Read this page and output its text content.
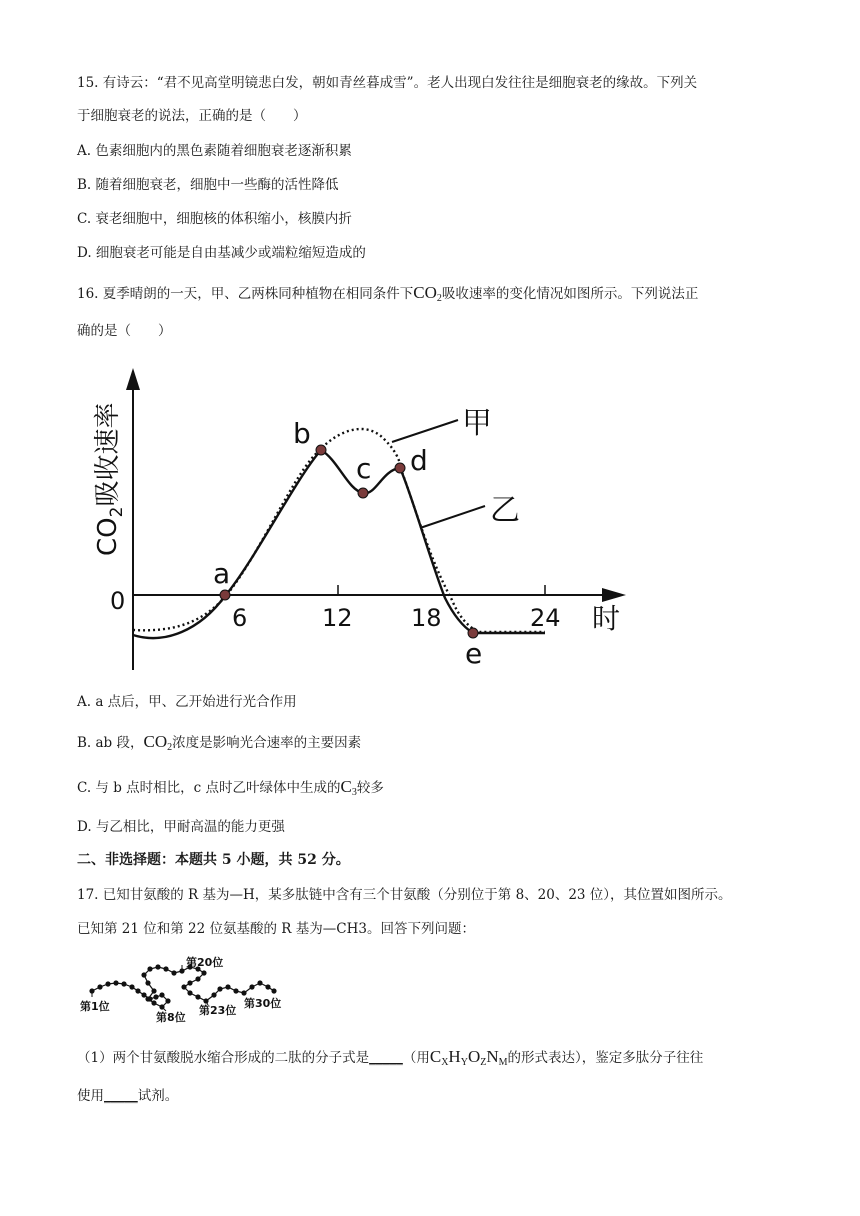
15. 有诗云：“君不见高堂明镜悲白发，朝如青丝暮成雪”。老人出现白发往往是细胞衰老的缘故。下列关
于细胞衰老的说法，正确的是（　　）
A. 色素细胞内的黑色素随着细胞衰老逐渐积累
B. 随着细胞衰老，细胞中一些酶的活性降低
C. 衰老细胞中，细胞核的体积缩小，核膜内折
D. 细胞衰老可能是自由基减少或端粒缩短造成的
16. 夏季晴朗的一天，甲、乙两株同种植物在相同条件下$CO_2$吸收速率的变化情况如图所示。下列说法正
确的是（　　）
$CO_2$吸收速率
0
6	12 18	24 时
a
b
c d
e
甲
乙
A. a 点后，甲、乙开始进行光合作用
B. ab 段，$CO_2$浓度是影响光合速率的主要因素
C. 与 b 点时相比，c 点时乙叶绿体中生成的$C_3$较多
D. 与乙相比，甲耐高温的能力更强
二、非选择题：本题共 5 小题，共 52 分。
17. 已知甘氨酸的 R 基为—H，某多肽链中含有三个甘氨酸（分别位于第 8、20、23 位），其位置如图所示。
已知第 21 位和第 22 位氨基酸的 R 基为—CH3。回答下列问题：
第1位
第8位
第20位
第23位
第30位
（1）两个甘氨酸脱水缩合形成的二肽的分子式是_____（用$C_XH_YO_ZN_M$的形式表达），鉴定多肽分子往往
使用_____试剂。
